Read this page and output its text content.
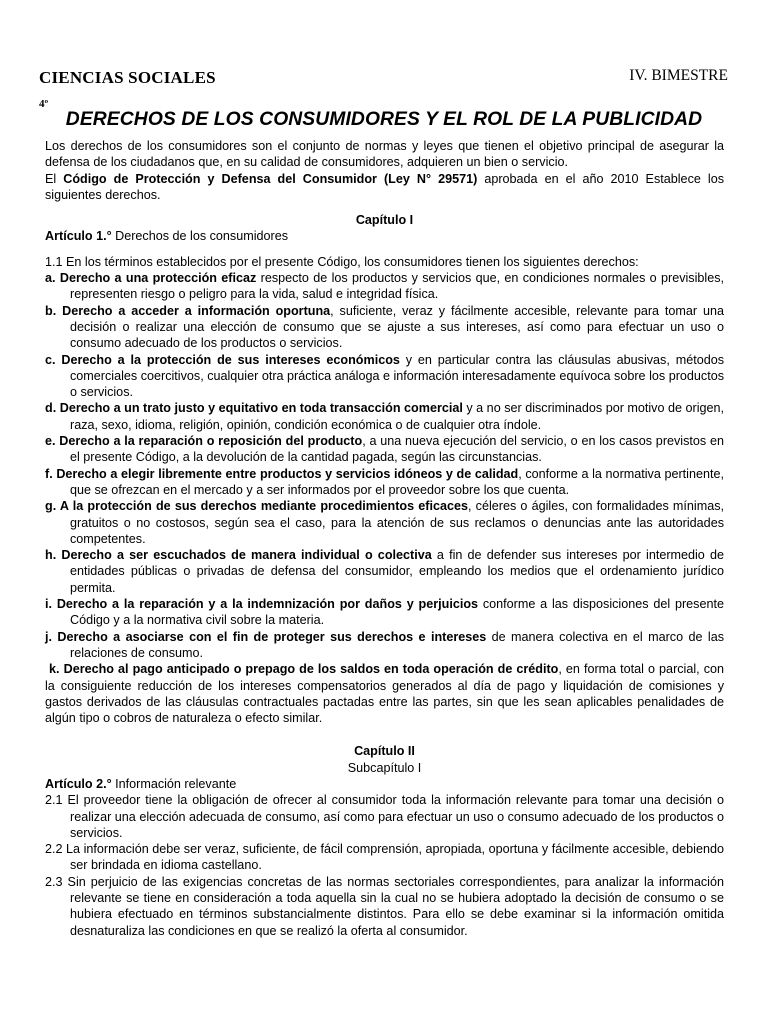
CIENCIAS SOCIALES
4º
IV. BIMESTRE
DERECHOS DE LOS CONSUMIDORES Y EL ROL DE LA PUBLICIDAD

Los derechos de los consumidores son el conjunto de normas y leyes que tienen el objetivo principal de asegurar la defensa de los ciudadanos que, en su calidad de consumidores, adquieren un bien o servicio.

El Código de Protección y Defensa del Consumidor (Ley N° 29571) aprobada en el año 2010 Establece los siguientes derechos.

Capítulo I

Artículo 1.° Derechos de los consumidores

1.1 En los términos establecidos por el presente Código, los consumidores tienen los siguientes derechos:

a. Derecho a una protección eficaz respecto de los productos y servicios que, en condiciones normales o previsibles, representen riesgo o peligro para la vida, salud e integridad física.

b. Derecho a acceder a información oportuna, suficiente, veraz y fácilmente accesible, relevante para tomar una decisión o realizar una elección de consumo que se ajuste a sus intereses, así como para efectuar un uso o consumo adecuado de los productos o servicios.

c. Derecho a la protección de sus intereses económicos y en particular contra las cláusulas abusivas, métodos comerciales coercitivos, cualquier otra práctica análoga e información interesadamente equívoca sobre los productos o servicios.

d. Derecho a un trato justo y equitativo en toda transacción comercial y a no ser discriminados por motivo de origen, raza, sexo, idioma, religión, opinión, condición económica o de cualquier otra índole.

e. Derecho a la reparación o reposición del producto, a una nueva ejecución del servicio, o en los casos previstos en el presente Código, a la devolución de la cantidad pagada, según las circunstancias.

f. Derecho a elegir libremente entre productos y servicios idóneos y de calidad, conforme a la normativa pertinente, que se ofrezcan en el mercado y a ser informados por el proveedor sobre los que cuenta.

g. A la protección de sus derechos mediante procedimientos eficaces, céleres o ágiles, con formalidades mínimas, gratuitos o no costosos, según sea el caso, para la atención de sus reclamos o denuncias ante las autoridades competentes.

h. Derecho a ser escuchados de manera individual o colectiva a fin de defender sus intereses por intermedio de entidades públicas o privadas de defensa del consumidor, empleando los medios que el ordenamiento jurídico permita.

i. Derecho a la reparación y a la indemnización por daños y perjuicios conforme a las disposiciones del presente Código y a la normativa civil sobre la materia.

j. Derecho a asociarse con el fin de proteger sus derechos e intereses de manera colectiva en el marco de las relaciones de consumo.

k. Derecho al pago anticipado o prepago de los saldos en toda operación de crédito, en forma total o parcial, con la consiguiente reducción de los intereses compensatorios generados al día de pago y liquidación de comisiones y gastos derivados de las cláusulas contractuales pactadas entre las partes, sin que les sean aplicables penalidades de algún tipo o cobros de naturaleza o efecto similar.

Capítulo II

Subcapítulo I

Artículo 2.° Información relevante

2.1 El proveedor tiene la obligación de ofrecer al consumidor toda la información relevante para tomar una decisión o realizar una elección adecuada de consumo, así como para efectuar un uso o consumo adecuado de los productos o servicios.

2.2 La información debe ser veraz, suficiente, de fácil comprensión, apropiada, oportuna y fácilmente accesible, debiendo ser brindada en idioma castellano.

2.3 Sin perjuicio de las exigencias concretas de las normas sectoriales correspondientes, para analizar la información relevante se tiene en consideración a toda aquella sin la cual no se hubiera adoptado la decisión de consumo o se hubiera efectuado en términos substancialmente distintos. Para ello se debe examinar si la información omitida desnaturaliza las condiciones en que se realizó la oferta al consumidor.
